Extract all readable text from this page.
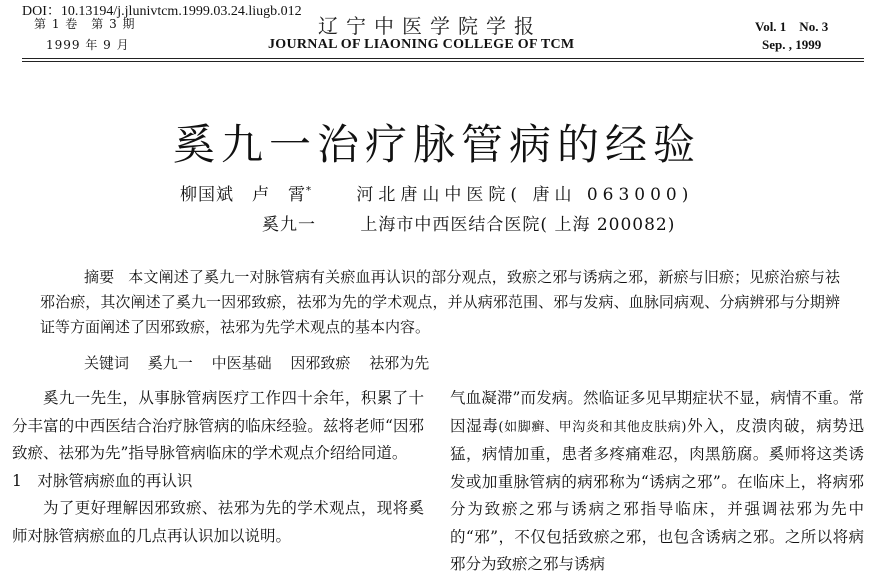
DOI：10.13194/j.jlunivtcm.1999.03.24.liugb.012
第 1 卷　第 3 期
1999 年 9 月
辽宁中医学院学报
JOURNAL OF LIAONING COLLEGE OF TCM
Vol. 1　No. 3
Sep. , 1999
奚九一治疗脉管病的经验
柳国斌　卢　霄*	河北唐山中医院( 唐山 063000)
奚九一	上海市中西医结合医院( 上海 200082)
摘要 本文阐述了奚九一对脉管病有关瘀血再认识的部分观点，致瘀之邪与诱病之邪，新瘀与旧瘀；见瘀治瘀与祛邪治瘀，其次阐述了奚九一因邪致瘀，祛邪为先的学术观点，并从病邪范围、邪与发病、血脉同病观、分病辨邪与分期辨证等方面阐述了因邪致瘀，祛邪为先学术观点的基本内容。
关键词 奚九一 中医基础 因邪致瘀 祛邪为先

奚九一先生，从事脉管病医疗工作四十余年，积累了十分丰富的中西医结合治疗脉管病的临床经验。兹将老师“因邪致瘀、祛邪为先”指导脉管病临床的学术观点介绍给同道。

1　对脉管病瘀血的再认识

为了更好理解因邪致瘀、祛邪为先的学术观点，现将奚师对脉管病瘀血的几点再认识加以说明。

气血凝滞”而发病。然临证多见早期症状不显，病情不重。常因湿毒(如脚癣、甲沟炎和其他皮肤病)外入，皮溃肉破，病势迅猛，病情加重，患者多疼痛难忍，肉黑筋腐。奚师将这类诱发或加重脉管病的病邪称为“诱病之邪”。在临床上，将病邪分为致瘀之邪与诱病之邪指导临床，并强调祛邪为先中的“邪”，不仅包括致瘀之邪，也包含诱病之邪。之所以将病邪分为致瘀之邪与诱病
